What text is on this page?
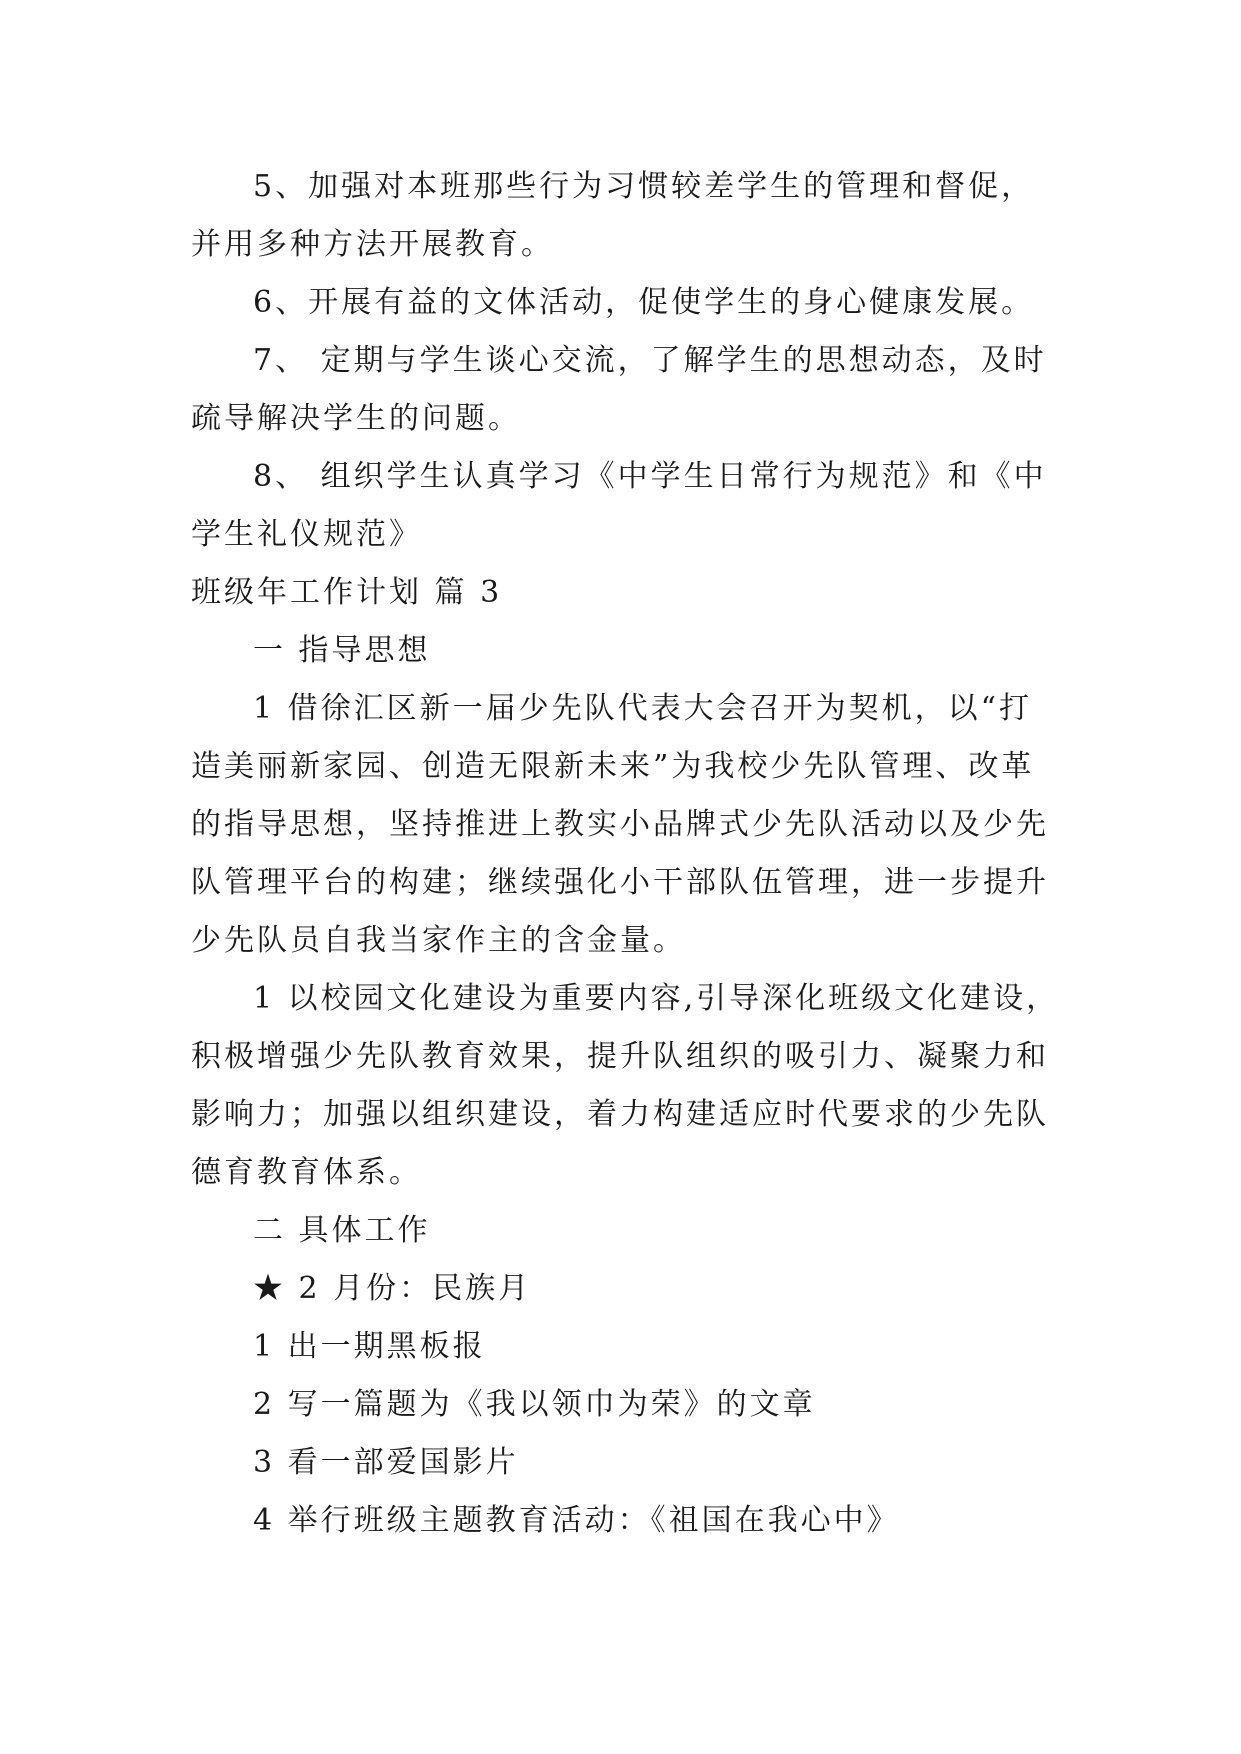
5、加强对本班那些行为习惯较差学生的管理和督促，
并用多种方法开展教育。
6、开展有益的文体活动，促使学生的身心健康发展。
7、 定期与学生谈心交流，了解学生的思想动态，及时
疏导解决学生的问题。
8、 组织学生认真学习《中学生日常行为规范》和《中
学生礼仪规范》
班级年工作计划 篇 3
一 指导思想
1 借徐汇区新一届少先队代表大会召开为契机，以“打
造美丽新家园、创造无限新未来”为我校少先队管理、改革
的指导思想，坚持推进上教实小品牌式少先队活动以及少先
队管理平台的构建；继续强化小干部队伍管理，进一步提升
少先队员自我当家作主的含金量。
1 以校园文化建设为重要内容,引导深化班级文化建设，
积极增强少先队教育效果，提升队组织的吸引力、凝聚力和
影响力；加强以组织建设，着力构建适应时代要求的少先队
德育教育体系。
二 具体工作
★ 2 月份：民族月
1 出一期黑板报
2 写一篇题为《我以领巾为荣》的文章
3 看一部爱国影片
4 举行班级主题教育活动：《祖国在我心中》
